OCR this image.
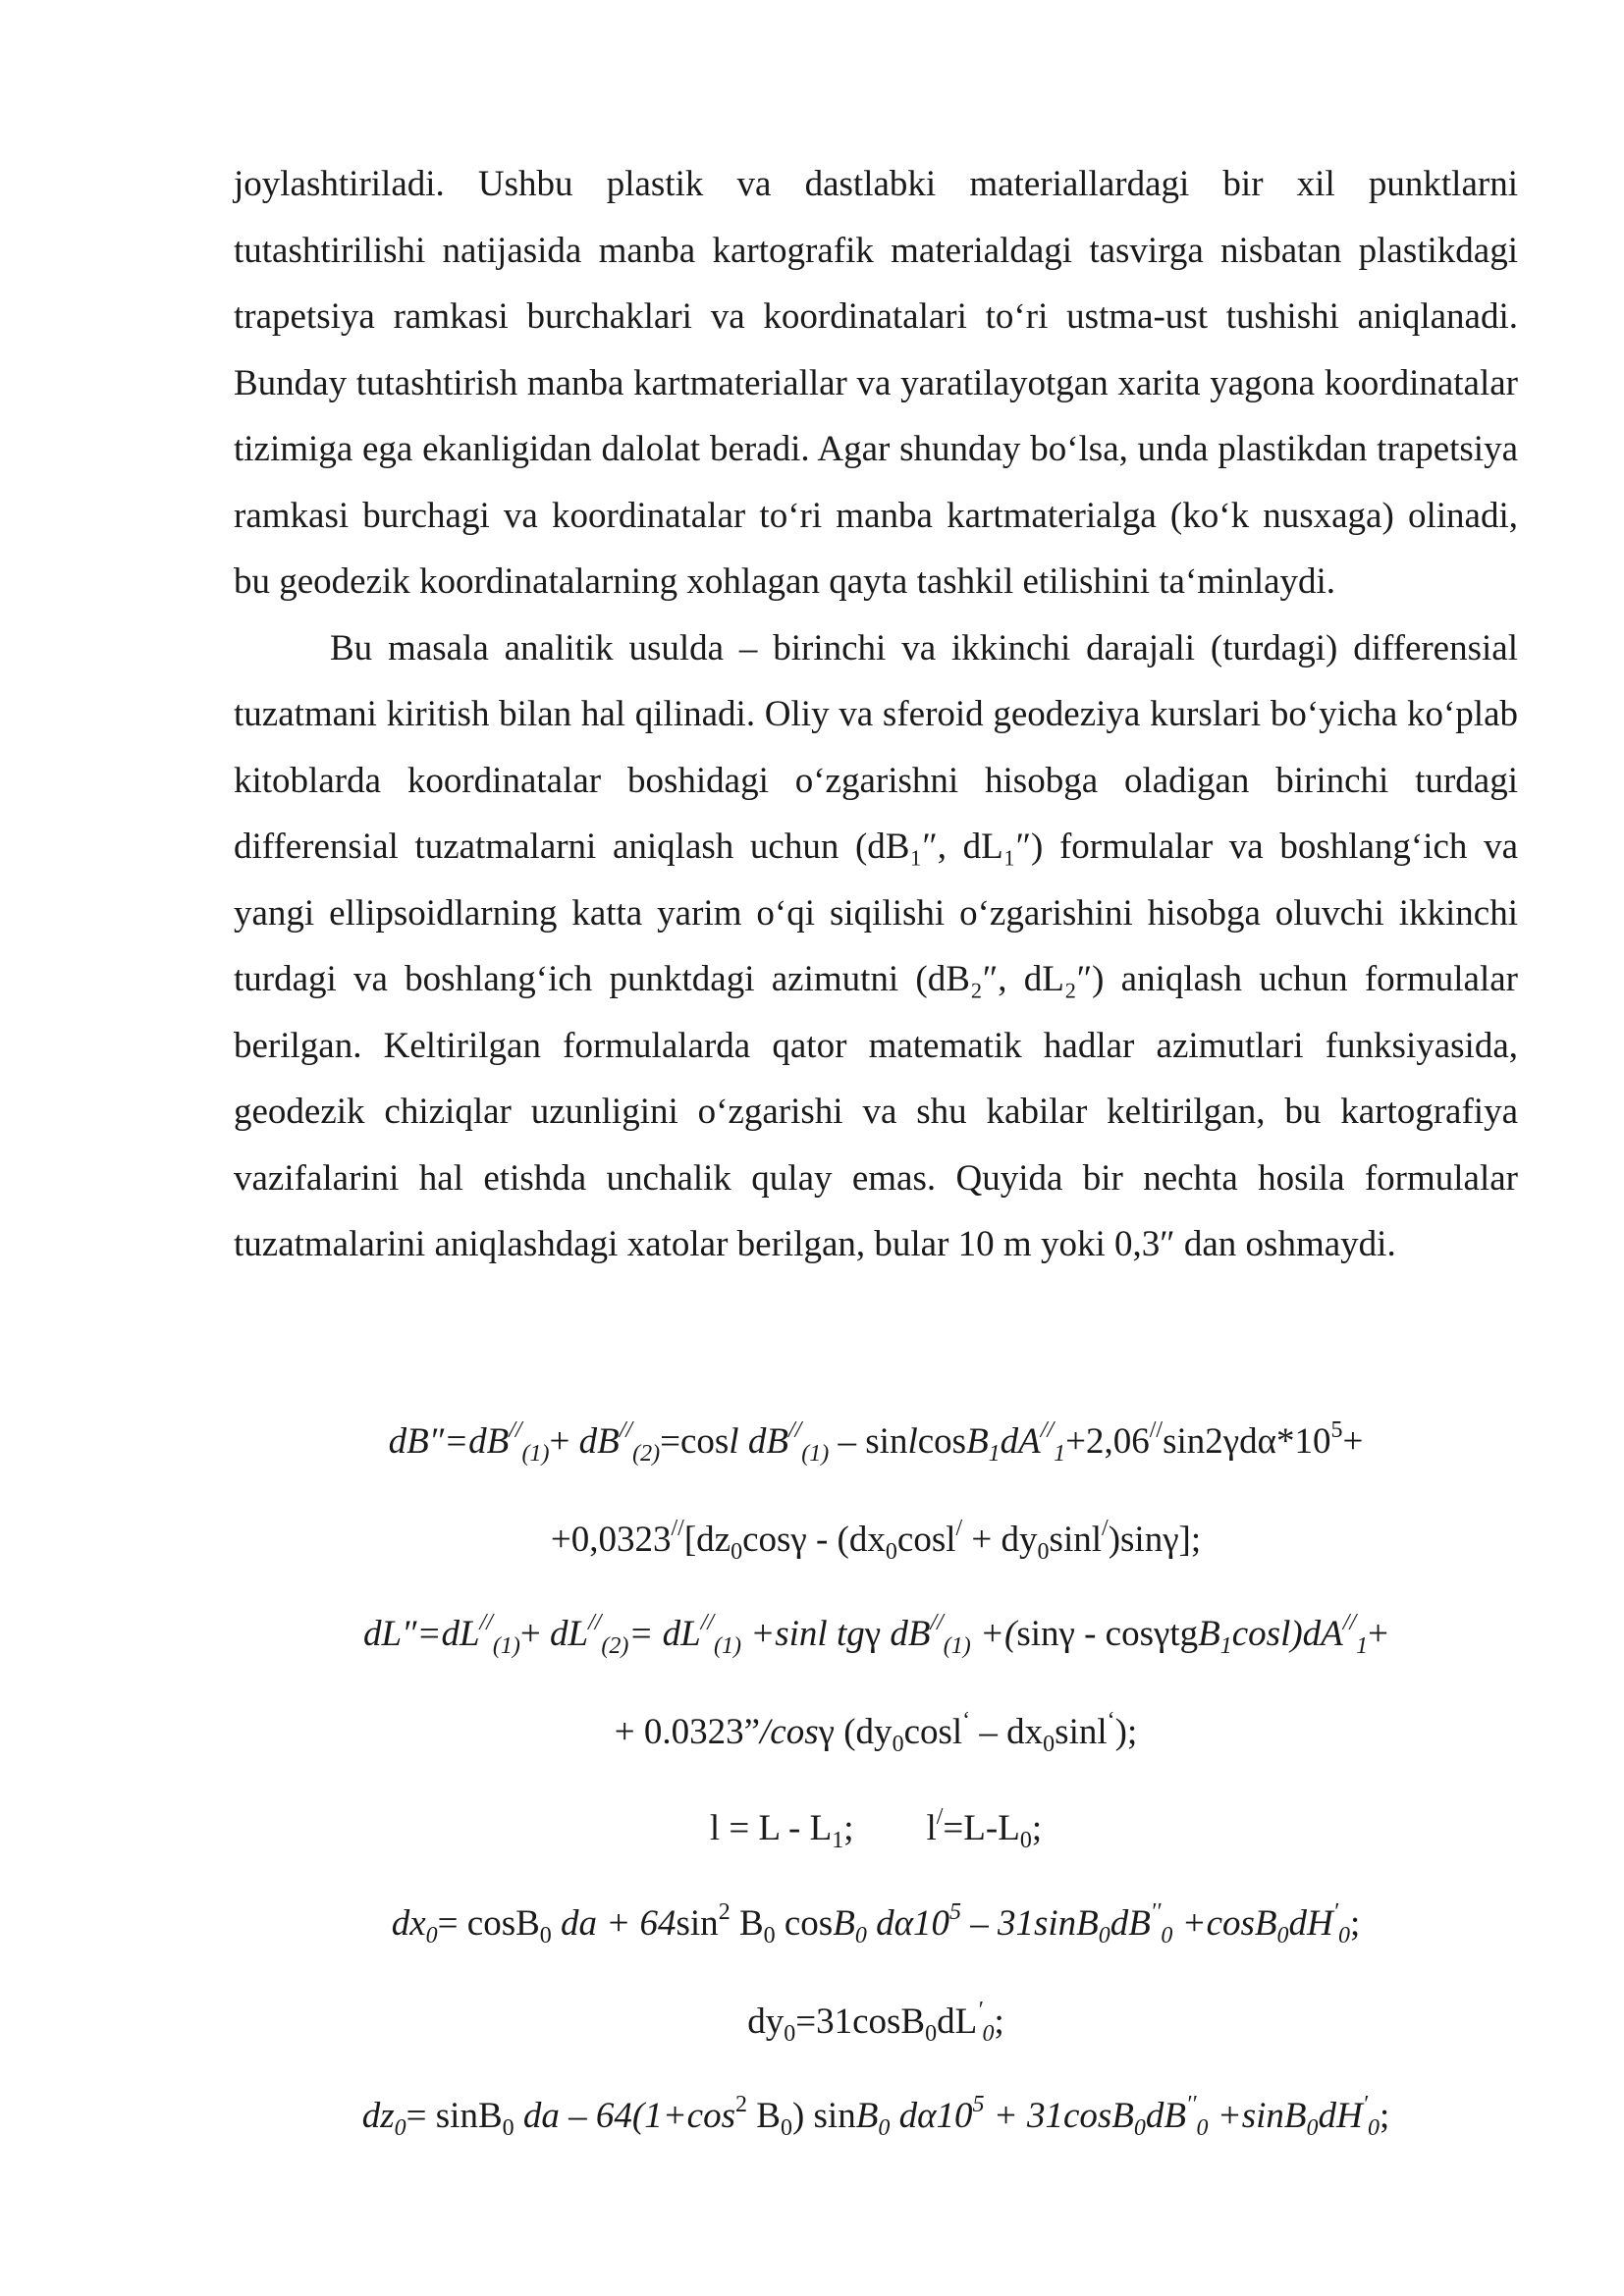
joylashtiriladi. Ushbu plastik va dastlabki materiallardagi bir xil punktlarni tutashtirilishi natijasida manba kartografik materialdagi tasvirga nisbatan plastikdagi trapetsiya ramkasi burchaklari va koordinatalari to‘ri ustma-ust tushishi aniqlanadi. Bunday tutashtirish manba kartmateriallar va yaratilayotgan xarita yagona koordinatalar tizimiga ega ekanligidan dalolat beradi. Agar shunday bo‘lsa, unda plastikdan trapetsiya ramkasi burchagi va koordinatalar to‘ri manba kartmaterialga (ko‘k nusxaga) olinadi, bu geodezik koordinatalarning xohlagan qayta tashkil etilishini ta‘minlaydi.

Bu masala analitik usulda – birinchi va ikkinchi darajali (turdagi) differensial tuzatmani kiritish bilan hal qilinadi. Oliy va sferoid geodeziya kurslari bo‘yicha ko‘plab kitoblarda koordinatalar boshidagi o‘zgarishni hisobga oladigan birinchi turdagi differensial tuzatmalarni aniqlash uchun (dB₁″, dL₁″) formulalar va boshlang‘ich va yangi ellipsoidlarning katta yarim o‘qi siqilishi o‘zgarishini hisobga oluvchi ikkinchi turdagi va boshlang‘ich punktdagi azimutni (dB₂″, dL₂″) aniqlash uchun formulalar berilgan. Keltirilgan formulalarda qator matematik hadlar azimutlari funksiyasida, geodezik chiziqlar uzunligini o‘zgarishi va shu kabilar keltirilgan, bu kartografiya vazifalarini hal etishda unchalik qulay emas. Quyida bir nechta hosila formulalar tuzatmalarini aniqlashdagi xatolar berilgan, bular 10 m yoki 0,3″ dan oshmaydi.

$dB''=dB^{//}_{(1)}+ dB^{//}_{(2)}=\cos l$ $dB^{//}_{(1)}$ – $sinlcosB_1dA^{//}_1+2,06^{//}\sin 2\gamma d\alpha*10^5+$
$+0,0323^{//}[dz_0\cos\gamma - (dx_0\cos l^/ + dy_0\sin l^/)\sin\gamma]$;
$dL''=dL^{//}_{(1)}+ dL^{//}_{(2)}= dL^{//}_{(1)} +\sin l$ tgγ $dB^{//}_{(1)} +(\sin\gamma - \cos\gamma tgB_1\cos l)dA^{//}_1+$
+ 0.0323”/cosγ $(dy_0\cos l^‘ - dx_0\sin l^‘)$;
$l = L - L_1$;        $l^/=L-L_0$;
$dx_0= \cos B_0$ da + $64\sin^2$ $B_0$ cosB$_0$ $d\alpha 10^5 - 31\sin B_0dB''_0 +\cos B_0dH'_0$;
$dy_0=31\cos B_0dL'_0$;
$dz_0= \sin B_0$ da – $64(1+\cos^2$ $B_0$) sinB$_0$ $d\alpha 10^5 + 31\cos B_0dB''_0 +\sin B_0dH'_0$;
